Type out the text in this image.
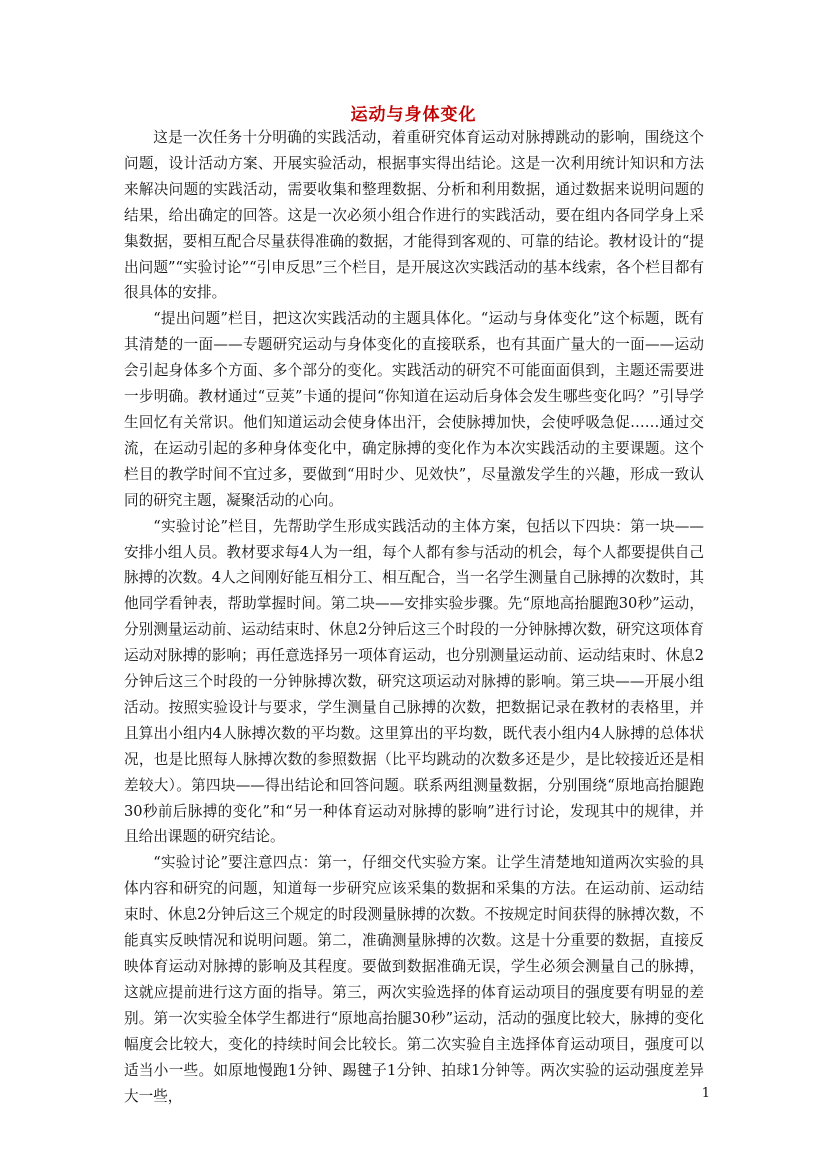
运动与身体变化

这是一次任务十分明确的实践活动，着重研究体育运动对脉搏跳动的影响，围绕这个问题，设计活动方案、开展实验活动，根据事实得出结论。这是一次利用统计知识和方法来解决问题的实践活动，需要收集和整理数据、分析和利用数据，通过数据来说明问题的结果，给出确定的回答。这是一次必须小组合作进行的实践活动，要在组内各同学身上采集数据，要相互配合尽量获得准确的数据，才能得到客观的、可靠的结论。教材设计的“提出问题”“实验讨论”“引申反思”三个栏目，是开展这次实践活动的基本线索，各个栏目都有很具体的安排。

“提出问题”栏目，把这次实践活动的主题具体化。“运动与身体变化”这个标题，既有其清楚的一面——专题研究运动与身体变化的直接联系，也有其面广量大的一面——运动会引起身体多个方面、多个部分的变化。实践活动的研究不可能面面俱到，主题还需要进一步明确。教材通过“豆荚”卡通的提问“你知道在运动后身体会发生哪些变化吗？”引导学生回忆有关常识。他们知道运动会使身体出汗，会使脉搏加快，会使呼吸急促……通过交流，在运动引起的多种身体变化中，确定脉搏的变化作为本次实践活动的主要课题。这个栏目的教学时间不宜过多，要做到“用时少、见效快”，尽量激发学生的兴趣，形成一致认同的研究主题，凝聚活动的心向。

“实验讨论”栏目，先帮助学生形成实践活动的主体方案，包括以下四块：第一块——安排小组人员。教材要求每4人为一组，每个人都有参与活动的机会，每个人都要提供自己脉搏的次数。4人之间刚好能互相分工、相互配合，当一名学生测量自己脉搏的次数时，其他同学看钟表，帮助掌握时间。第二块——安排实验步骤。先“原地高抬腿跑30秒”运动，分别测量运动前、运动结束时、休息2分钟后这三个时段的一分钟脉搏次数，研究这项体育运动对脉搏的影响；再任意选择另一项体育运动，也分别测量运动前、运动结束时、休息2分钟后这三个时段的一分钟脉搏次数，研究这项运动对脉搏的影响。第三块——开展小组活动。按照实验设计与要求，学生测量自己脉搏的次数，把数据记录在教材的表格里，并且算出小组内4人脉搏次数的平均数。这里算出的平均数，既代表小组内4人脉搏的总体状况，也是比照每人脉搏次数的参照数据（比平均跳动的次数多还是少，是比较接近还是相差较大）。第四块——得出结论和回答问题。联系两组测量数据，分别围绕“原地高抬腿跑30秒前后脉搏的变化”和“另一种体育运动对脉搏的影响”进行讨论，发现其中的规律，并且给出课题的研究结论。

“实验讨论”要注意四点：第一，仔细交代实验方案。让学生清楚地知道两次实验的具体内容和研究的问题，知道每一步研究应该采集的数据和采集的方法。在运动前、运动结束时、休息2分钟后这三个规定的时段测量脉搏的次数。不按规定时间获得的脉搏次数，不能真实反映情况和说明问题。第二，准确测量脉搏的次数。这是十分重要的数据，直接反映体育运动对脉搏的影响及其程度。要做到数据准确无误，学生必须会测量自己的脉搏，这就应提前进行这方面的指导。第三，两次实验选择的体育运动项目的强度要有明显的差别。第一次实验全体学生都进行“原地高抬腿30秒”运动，活动的强度比较大，脉搏的变化幅度会比较大，变化的持续时间会比较长。第二次实验自主选择体育运动项目，强度可以适当小一些。如原地慢跑1分钟、踢毽子1分钟、拍球1分钟等。两次实验的运动强度差异大一些，	1
